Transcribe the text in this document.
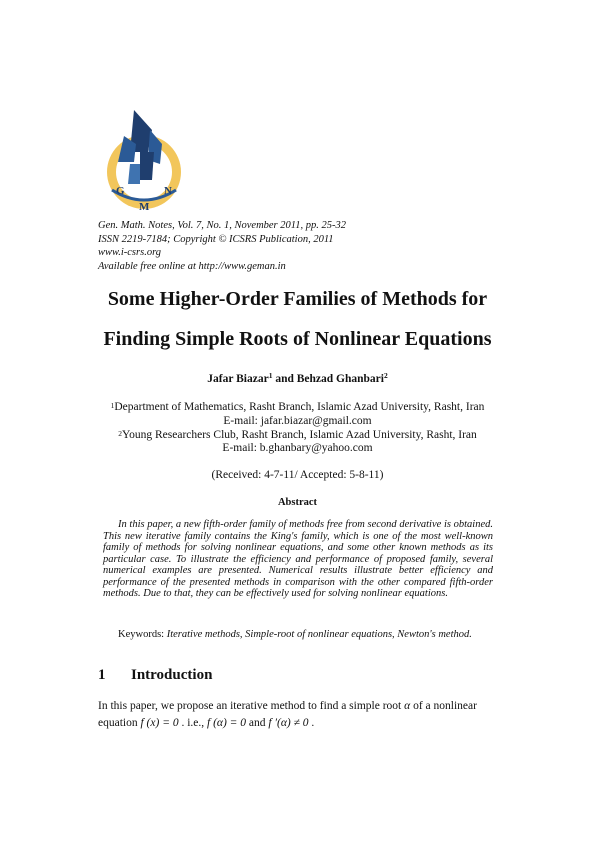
G	N
M
Gen. Math. Notes, Vol. 7, No. 1, November 2011, pp. 25-32
ISSN 2219-7184; Copyright © ICSRS Publication, 2011
www.i-csrs.org
Available free online at http://www.geman.in
Some Higher-Order Families of Methods for
Finding Simple Roots of Nonlinear Equations
Jafar Biazar$^1$ and Behzad Ghanbari$^2$
$^1$Department of Mathematics, Rasht Branch, Islamic Azad University, Rasht, Iran
E-mail: jafar.biazar@gmail.com
$^2$Young Researchers Club, Rasht Branch, Islamic Azad University, Rasht, Iran
E-mail: b.ghanbary@yahoo.com
(Received: 4-7-11/ Accepted: 5-8-11)
Abstract

In this paper, a new fifth-order family of methods free from second derivative is obtained. This new iterative family contains the King's family, which is one of the most well-known family of methods for solving nonlinear equations, and some other known methods as its particular case. To illustrate the efficiency and performance of proposed family, several numerical examples are presented. Numerical results illustrate better efficiency and performance of the presented methods in comparison with the other compared fifth-order methods. Due to that, they can be effectively used for solving nonlinear equations.

Keywords: Iterative methods, Simple-root of nonlinear equations, Newton's method.

1 Introduction

In this paper, we propose an iterative method to find a simple root α of a nonlinear equation f (x) = 0 . i.e., f (α) = 0 and f ′(α) ≠ 0 .
